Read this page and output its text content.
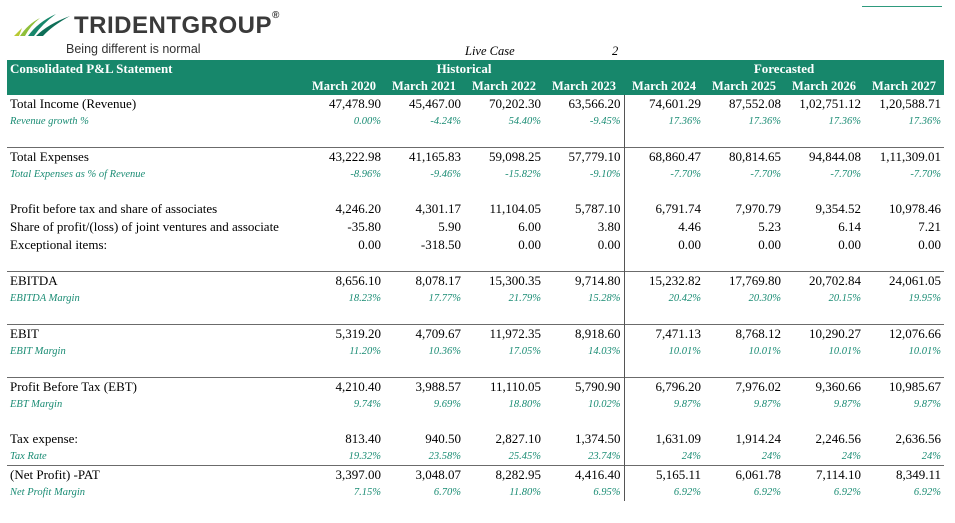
TRIDENTGROUP®
Being different is normal	Live Case	2
Consolidated P&L Statement	Historical				Forecasted			
	March 2020	March 2021	March 2022	March 2023	March 2024	March 2025	March 2026	March 2027
Total Income (Revenue)	47,478.90	45,467.00	70,202.30	63,566.20	74,601.29	87,552.08	1,02,751.12	1,20,588.71
Revenue growth %	0.00%	-4.24%	54.40%	-9.45%	17.36%	17.36%	17.36%	17.36%

Total Expenses	43,222.98	41,165.83	59,098.25	57,779.10	68,860.47	80,814.65	94,844.08	1,11,309.01
Total Expenses as % of Revenue	-8.96%	-9.46%	-15.82%	-9.10%	-7.70%	-7.70%	-7.70%	-7.70%

Profit before tax and share of associates	4,246.20	4,301.17	11,104.05	5,787.10	6,791.74	7,970.79	9,354.52	10,978.46
Share of profit/(loss) of joint ventures and associate	-35.80	5.90	6.00	3.80	4.46	5.23	6.14	7.21
Exceptional items:	0.00	-318.50	0.00	0.00	0.00	0.00	0.00	0.00

EBITDA	8,656.10	8,078.17	15,300.35	9,714.80	15,232.82	17,769.80	20,702.84	24,061.05
EBITDA Margin	18.23%	17.77%	21.79%	15.28%	20.42%	20.30%	20.15%	19.95%

EBIT	5,319.20	4,709.67	11,972.35	8,918.60	7,471.13	8,768.12	10,290.27	12,076.66
EBIT Margin	11.20%	10.36%	17.05%	14.03%	10.01%	10.01%	10.01%	10.01%

Profit Before Tax (EBT)	4,210.40	3,988.57	11,110.05	5,790.90	6,796.20	7,976.02	9,360.66	10,985.67
EBT Margin	9.74%	9.69%	18.80%	10.02%	9.87%	9.87%	9.87%	9.87%

Tax expense:	813.40	940.50	2,827.10	1,374.50	1,631.09	1,914.24	2,246.56	2,636.56
Tax Rate	19.32%	23.58%	25.45%	23.74%	24%	24%	24%	24%
(Net Profit) -PAT	3,397.00	3,048.07	8,282.95	4,416.40	5,165.11	6,061.78	7,114.10	8,349.11
Net Profit Margin	7.15%	6.70%	11.80%	6.95%	6.92%	6.92%	6.92%	6.92%
